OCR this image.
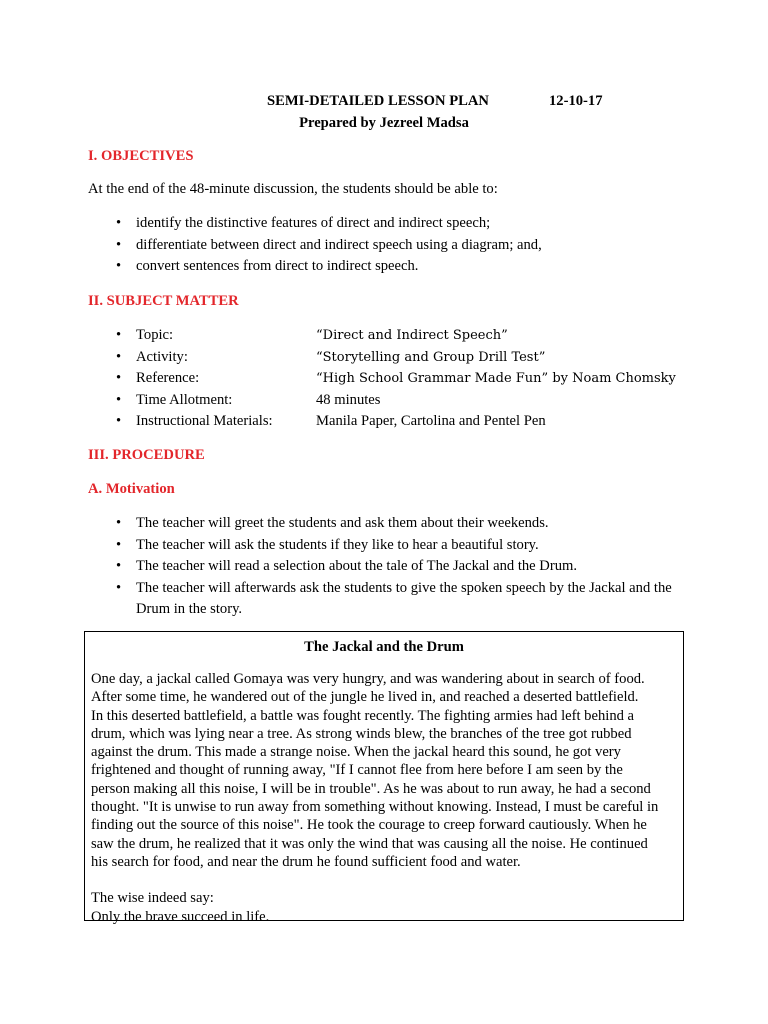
SEMI-DETAILED LESSON PLAN	12-10-17
Prepared by Jezreel Madsa
I. OBJECTIVES
At the end of the 48-minute discussion, the students should be able to:
• identify the distinctive features of direct and indirect speech;
• differentiate between direct and indirect speech using a diagram; and,
• convert sentences from direct to indirect speech.
II. SUBJECT MATTER
• Topic:	“Direct and Indirect Speech”
• Activity:	“Storytelling and Group Drill Test”
• Reference:	“High School Grammar Made Fun” by Noam Chomsky
• Time Allotment:	48 minutes
• Instructional Materials:	Manila Paper, Cartolina and Pentel Pen
III. PROCEDURE
A. Motivation
• The teacher will greet the students and ask them about their weekends.
• The teacher will ask the students if they like to hear a beautiful story.
• The teacher will read a selection about the tale of The Jackal and the Drum.
• The teacher will afterwards ask the students to give the spoken speech by the Jackal and the Drum in the story.
The Jackal and the Drum
One day, a jackal called Gomaya was very hungry, and was wandering about in search of food.
After some time, he wandered out of the jungle he lived in, and reached a deserted battlefield.
In this deserted battlefield, a battle was fought recently. The fighting armies had left behind a
drum, which was lying near a tree. As strong winds blew, the branches of the tree got rubbed
against the drum. This made a strange noise. When the jackal heard this sound, he got very
frightened and thought of running away, "If I cannot flee from here before I am seen by the
person making all this noise, I will be in trouble". As he was about to run away, he had a second
thought. "It is unwise to run away from something without knowing. Instead, I must be careful in
finding out the source of this noise". He took the courage to creep forward cautiously. When he
saw the drum, he realized that it was only the wind that was causing all the noise. He continued
his search for food, and near the drum he found sufficient food and water.
The wise indeed say:
Only the brave succeed in life.
